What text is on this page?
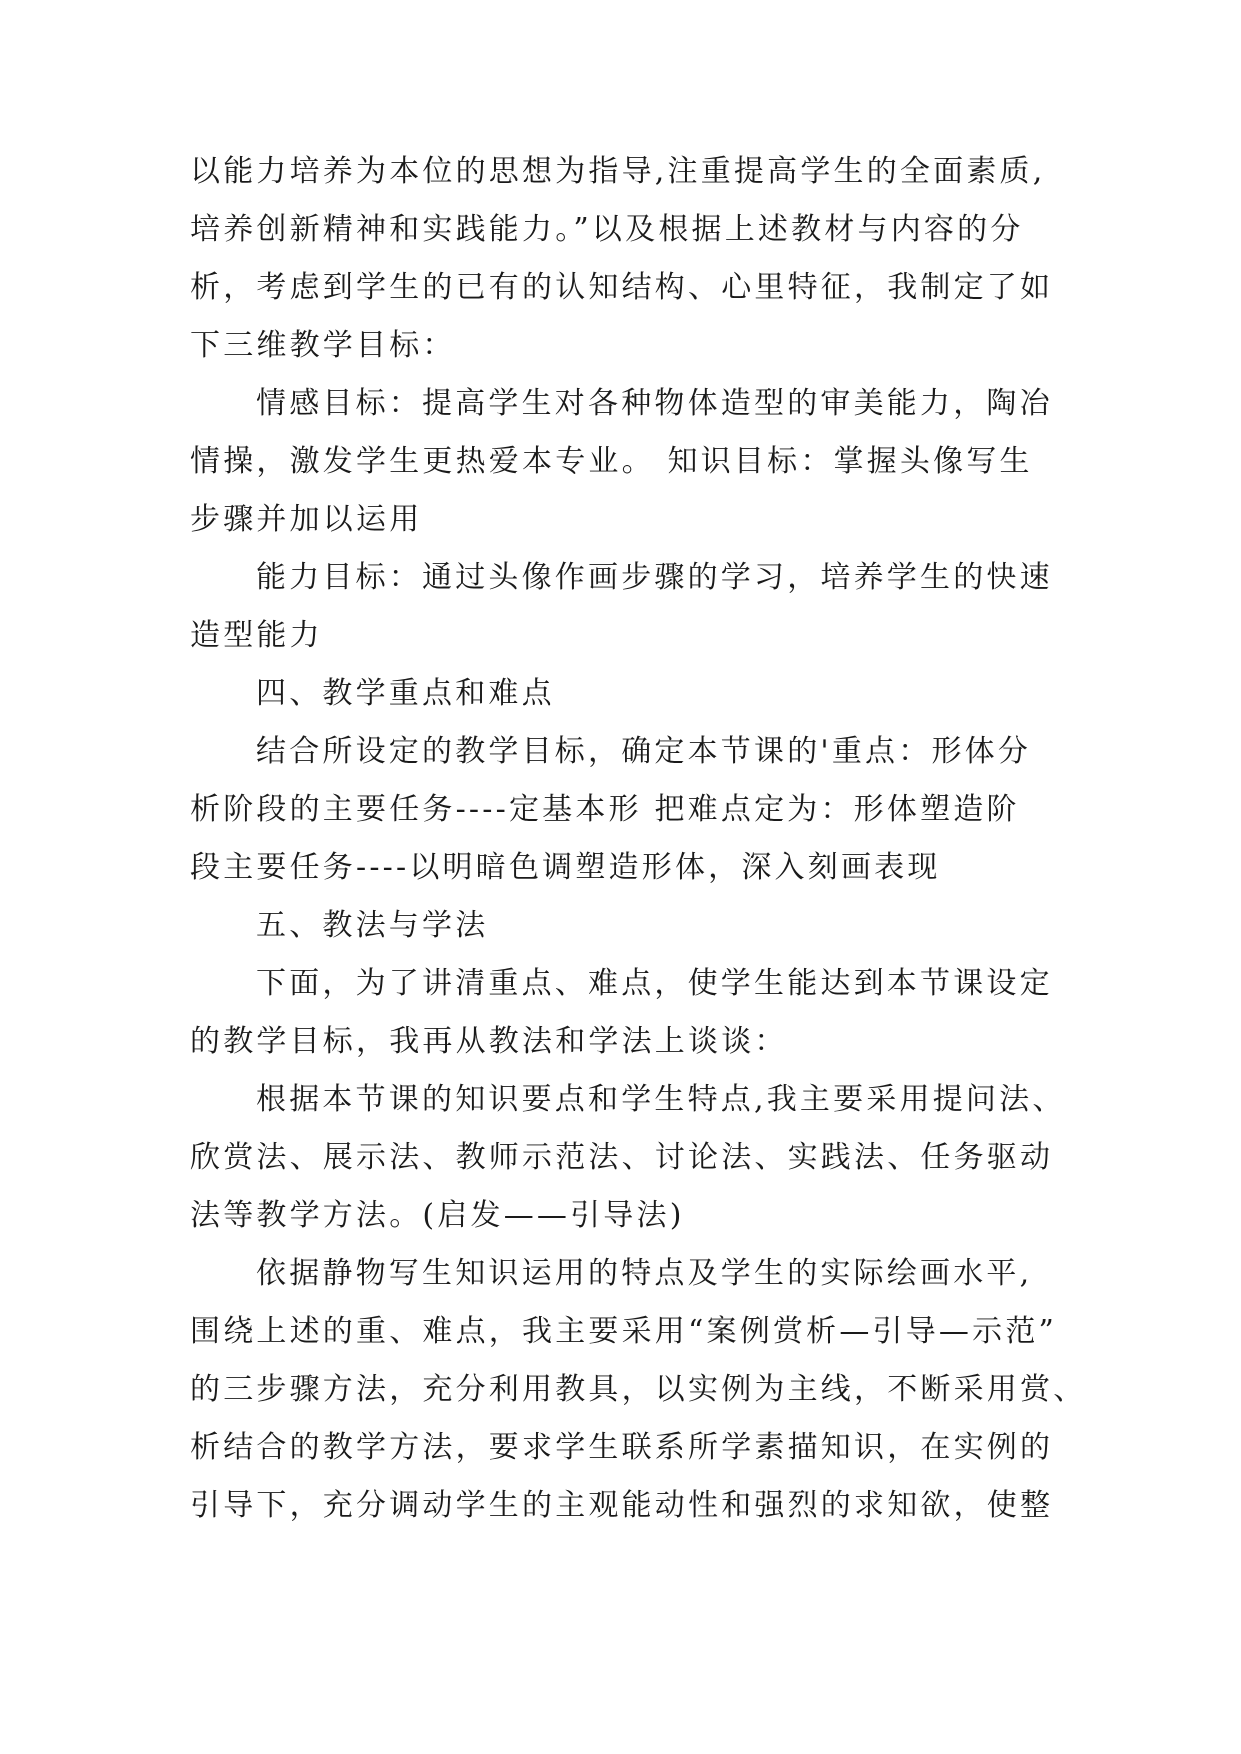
以能力培养为本位的思想为指导,注重提高学生的全面素质,
培养创新精神和实践能力。”以及根据上述教材与内容的分
析，考虑到学生的已有的认知结构、心里特征，我制定了如
下三维教学目标：
情感目标：提高学生对各种物体造型的审美能力，陶冶
情操，激发学生更热爱本专业。 知识目标：掌握头像写生
步骤并加以运用
能力目标：通过头像作画步骤的学习，培养学生的快速
造型能力
四、教学重点和难点
结合所设定的教学目标，确定本节课的'重点：形体分
析阶段的主要任务----定基本形 把难点定为：形体塑造阶
段主要任务----以明暗色调塑造形体，深入刻画表现
五、教法与学法
下面，为了讲清重点、难点，使学生能达到本节课设定
的教学目标，我再从教法和学法上谈谈：
根据本节课的知识要点和学生特点,我主要采用提问法、
欣赏法、展示法、教师示范法、讨论法、实践法、任务驱动
法等教学方法。(启发——引导法)
依据静物写生知识运用的特点及学生的实际绘画水平,
围绕上述的重、难点，我主要采用“案例赏析—引导—示范”
的三步骤方法，充分利用教具，以实例为主线，不断采用赏、
析结合的教学方法，要求学生联系所学素描知识，在实例的
引导下，充分调动学生的主观能动性和强烈的求知欲，使整
